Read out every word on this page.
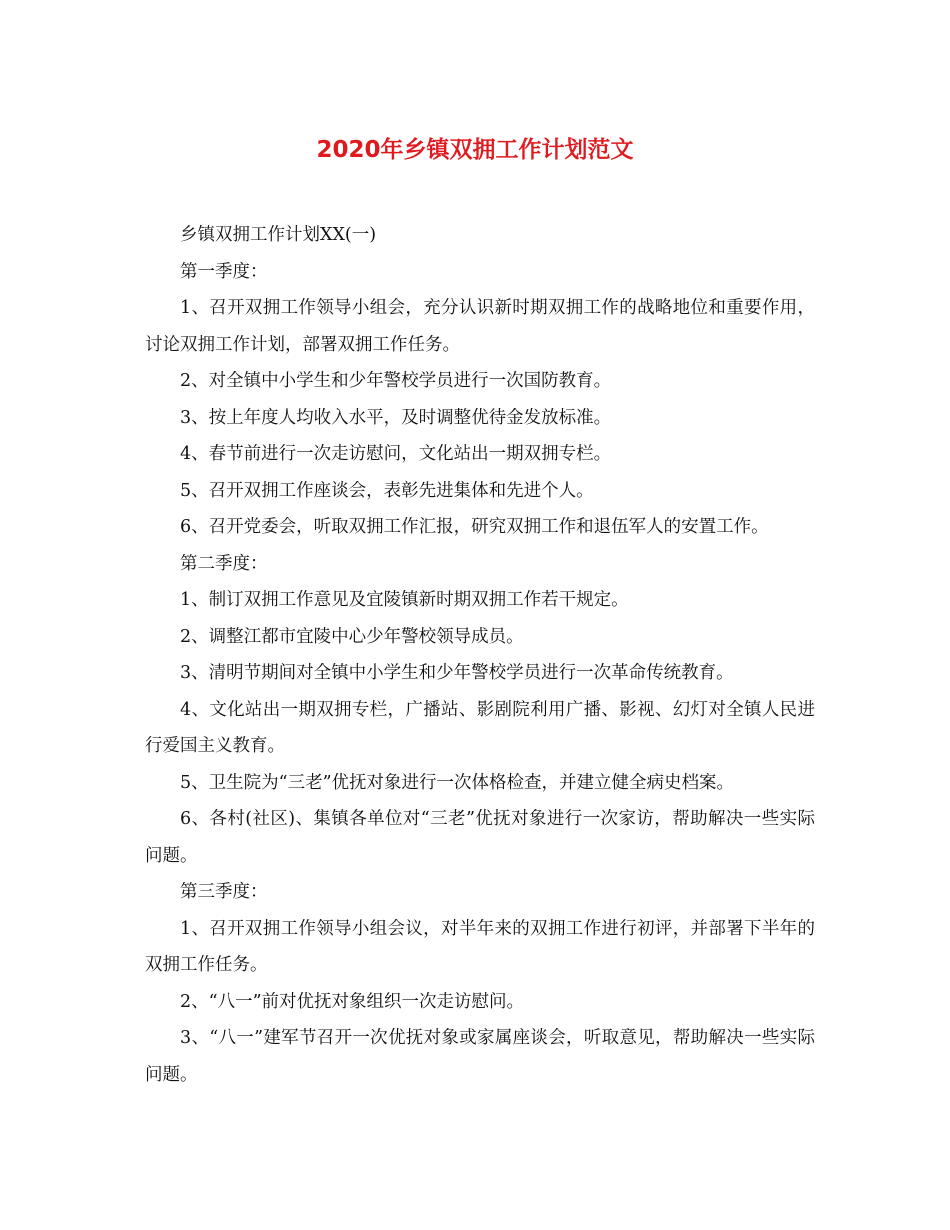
2020年乡镇双拥工作计划范文

乡镇双拥工作计划XX(一)

第一季度：

1、召开双拥工作领导小组会，充分认识新时期双拥工作的战略地位和重要作用，讨论双拥工作计划，部署双拥工作任务。

2、对全镇中小学生和少年警校学员进行一次国防教育。

3、按上年度人均收入水平，及时调整优待金发放标准。

4、春节前进行一次走访慰问，文化站出一期双拥专栏。

5、召开双拥工作座谈会，表彰先进集体和先进个人。

6、召开党委会，听取双拥工作汇报，研究双拥工作和退伍军人的安置工作。

第二季度：

1、制订双拥工作意见及宜陵镇新时期双拥工作若干规定。

2、调整江都市宜陵中心少年警校领导成员。

3、清明节期间对全镇中小学生和少年警校学员进行一次革命传统教育。

4、文化站出一期双拥专栏，广播站、影剧院利用广播、影视、幻灯对全镇人民进行爱国主义教育。

5、卫生院为“三老”优抚对象进行一次体格检查，并建立健全病史档案。

6、各村(社区)、集镇各单位对“三老”优抚对象进行一次家访，帮助解决一些实际问题。

第三季度：

1、召开双拥工作领导小组会议，对半年来的双拥工作进行初评，并部署下半年的双拥工作任务。

2、“八一”前对优抚对象组织一次走访慰问。

3、“八一”建军节召开一次优抚对象或家属座谈会，听取意见，帮助解决一些实际问题。
